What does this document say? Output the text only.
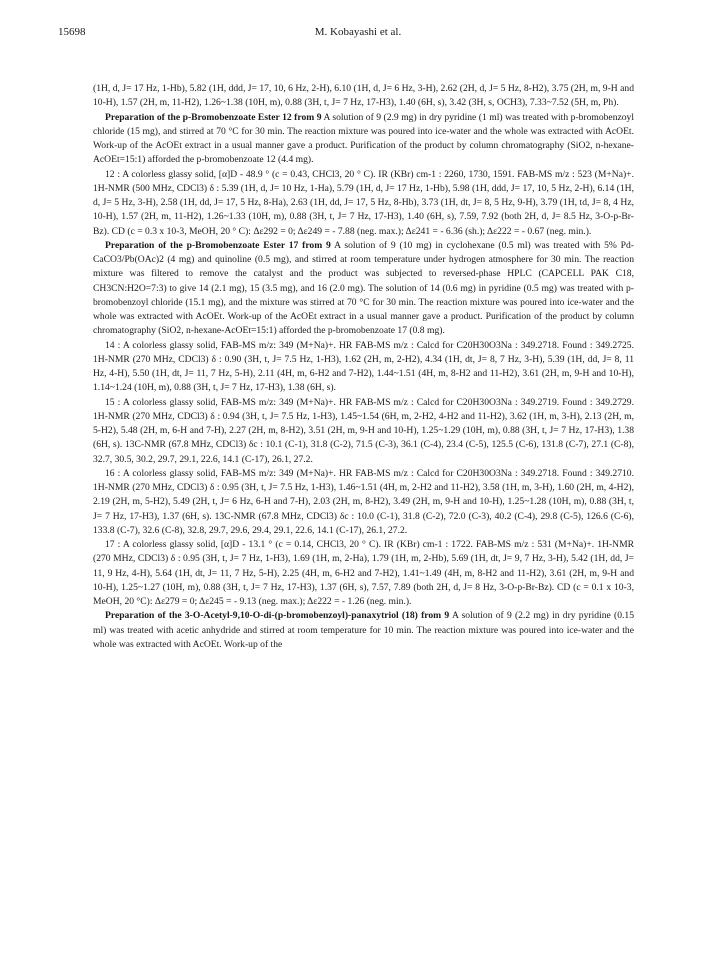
15698	M. Kobayashi et al.

(1H, d, J= 17 Hz, 1-Hb), 5.82 (1H, ddd, J= 17, 10, 6 Hz, 2-H), 6.10 (1H, d, J= 6 Hz, 3-H), 2.62 (2H, d, J= 5 Hz, 8-H2), 3.75 (2H, m, 9-H and 10-H), 1.57 (2H, m, 11-H2), 1.26~1.38 (10H, m), 0.88 (3H, t, J= 7 Hz, 17-H3), 1.40 (6H, s), 3.42 (3H, s, OCH3), 7.33~7.52 (5H, m, Ph).

Preparation of the p-Bromobenzoate Ester 12 from 9 A solution of 9 (2.9 mg) in dry pyridine (1 ml) was treated with p-bromobenzoyl chloride (15 mg), and stirred at 70 °C for 30 min. The reaction mixture was poured into ice-water and the whole was extracted with AcOEt. Work-up of the AcOEt extract in a usual manner gave a product. Purification of the product by column chromatography (SiO2, n-hexane-AcOEt=15:1) afforded the p-bromobenzoate 12 (4.4 mg).

12 : A colorless glassy solid, [α]D - 48.9 ° (c = 0.43, CHCl3, 20 ° C). IR (KBr) cm-1 : 2260, 1730, 1591. FAB-MS m/z : 523 (M+Na)+. 1H-NMR (500 MHz, CDCl3) δ : 5.39 (1H, d, J= 10 Hz, 1-Ha), 5.79 (1H, d, J= 17 Hz, 1-Hb), 5.98 (1H, ddd, J= 17, 10, 5 Hz, 2-H), 6.14 (1H, d, J= 5 Hz, 3-H), 2.58 (1H, dd, J= 17, 5 Hz, 8-Ha), 2.63 (1H, dd, J= 17, 5 Hz, 8-Hb), 3.73 (1H, dt, J= 8, 5 Hz, 9-H), 3.79 (1H, td, J= 8, 4 Hz, 10-H), 1.57 (2H, m, 11-H2), 1.26~1.33 (10H, m), 0.88 (3H, t, J= 7 Hz, 17-H3), 1.40 (6H, s), 7.59, 7.92 (both 2H, d, J= 8.5 Hz, 3-O-p-Br-Bz). CD (c = 0.3 x 10-3, MeOH, 20 ° C): Δε292 = 0; Δε249 = - 7.88 (neg. max.); Δε241 = - 6.36 (sh.); Δε222 = - 0.67 (neg. min.).

Preparation of the p-Bromobenzoate Ester 17 from 9 A solution of 9 (10 mg) in cyclohexane (0.5 ml) was treated with 5% Pd-CaCO3/Pb(OAc)2 (4 mg) and quinoline (0.5 mg), and stirred at room temperature under hydrogen atmosphere for 30 min. The reaction mixture was filtered to remove the catalyst and the product was subjected to reversed-phase HPLC (CAPCELL PAK C18, CH3CN:H2O=7:3) to give 14 (2.1 mg), 15 (3.5 mg), and 16 (2.0 mg). The solution of 14 (0.6 mg) in pyridine (0.5 mg) was treated with p-bromobenzoyl chloride (15.1 mg), and the mixture was stirred at 70 °C for 30 min. The reaction mixture was poured into ice-water and the whole was extracted with AcOEt. Work-up of the AcOEt extract in a usual manner gave a product. Purification of the product by column chromatography (SiO2, n-hexane-AcOEt=15:1) afforded the p-bromobenzoate 17 (0.8 mg).

14 : A colorless glassy solid, FAB-MS m/z: 349 (M+Na)+. HR FAB-MS m/z : Calcd for C20H30O3Na : 349.2718. Found : 349.2725. 1H-NMR (270 MHz, CDCl3) δ : 0.90 (3H, t, J= 7.5 Hz, 1-H3), 1.62 (2H, m, 2-H2), 4.34 (1H, dt, J= 8, 7 Hz, 3-H), 5.39 (1H, dd, J= 8, 11 Hz, 4-H), 5.50 (1H, dt, J= 11, 7 Hz, 5-H), 2.11 (4H, m, 6-H2 and 7-H2), 1.44~1.51 (4H, m, 8-H2 and 11-H2), 3.61 (2H, m, 9-H and 10-H), 1.14~1.24 (10H, m), 0.88 (3H, t, J= 7 Hz, 17-H3), 1.38 (6H, s).

15 : A colorless glassy solid, FAB-MS m/z: 349 (M+Na)+. HR FAB-MS m/z : Calcd for C20H30O3Na : 349.2719. Found : 349.2729. 1H-NMR (270 MHz, CDCl3) δ : 0.94 (3H, t, J= 7.5 Hz, 1-H3), 1.45~1.54 (6H, m, 2-H2, 4-H2 and 11-H2), 3.62 (1H, m, 3-H), 2.13 (2H, m, 5-H2), 5.48 (2H, m, 6-H and 7-H), 2.27 (2H, m, 8-H2), 3.51 (2H, m, 9-H and 10-H), 1.25~1.29 (10H, m), 0.88 (3H, t, J= 7 Hz, 17-H3), 1.38 (6H, s). 13C-NMR (67.8 MHz, CDCl3) δc : 10.1 (C-1), 31.8 (C-2), 71.5 (C-3), 36.1 (C-4), 23.4 (C-5), 125.5 (C-6), 131.8 (C-7), 27.1 (C-8), 32.7, 30.5, 30.2, 29.7, 29.1, 22.6, 14.1 (C-17), 26.1, 27.2.

16 : A colorless glassy solid, FAB-MS m/z: 349 (M+Na)+. HR FAB-MS m/z : Calcd for C20H30O3Na : 349.2718. Found : 349.2710. 1H-NMR (270 MHz, CDCl3) δ : 0.95 (3H, t, J= 7.5 Hz, 1-H3), 1.46~1.51 (4H, m, 2-H2 and 11-H2), 3.58 (1H, m, 3-H), 1.60 (2H, m, 4-H2), 2.19 (2H, m, 5-H2), 5.49 (2H, t, J= 6 Hz, 6-H and 7-H), 2.03 (2H, m, 8-H2), 3.49 (2H, m, 9-H and 10-H), 1.25~1.28 (10H, m), 0.88 (3H, t, J= 7 Hz, 17-H3), 1.37 (6H, s). 13C-NMR (67.8 MHz, CDCl3) δc : 10.0 (C-1), 31.8 (C-2), 72.0 (C-3), 40.2 (C-4), 29.8 (C-5), 126.6 (C-6), 133.8 (C-7), 32.6 (C-8), 32.8, 29.7, 29.6, 29.4, 29.1, 22.6, 14.1 (C-17), 26.1, 27.2.

17 : A colorless glassy solid, [α]D - 13.1 ° (c = 0.14, CHCl3, 20 ° C). IR (KBr) cm-1 : 1722. FAB-MS m/z : 531 (M+Na)+. 1H-NMR (270 MHz, CDCl3) δ : 0.95 (3H, t, J= 7 Hz, 1-H3), 1.69 (1H, m, 2-Ha), 1.79 (1H, m, 2-Hb), 5.69 (1H, dt, J= 9, 7 Hz, 3-H), 5.42 (1H, dd, J= 11, 9 Hz, 4-H), 5.64 (1H, dt, J= 11, 7 Hz, 5-H), 2.25 (4H, m, 6-H2 and 7-H2), 1.41~1.49 (4H, m, 8-H2 and 11-H2), 3.61 (2H, m, 9-H and 10-H), 1.25~1.27 (10H, m), 0.88 (3H, t, J= 7 Hz, 17-H3), 1.37 (6H, s), 7.57, 7.89 (both 2H, d, J= 8 Hz, 3-O-p-Br-Bz). CD (c = 0.1 x 10-3, MeOH, 20 °C): Δε279 = 0; Δε245 = - 9.13 (neg. max.); Δε222 = - 1.26 (neg. min.).

Preparation of the 3-O-Acetyl-9,10-O-di-(p-bromobenzoyl)-panaxytriol (18) from 9 A solution of 9 (2.2 mg) in dry pyridine (0.15 ml) was treated with acetic anhydride and stirred at room temperature for 10 min. The reaction mixture was poured into ice-water and the whole was extracted with AcOEt. Work-up of the
